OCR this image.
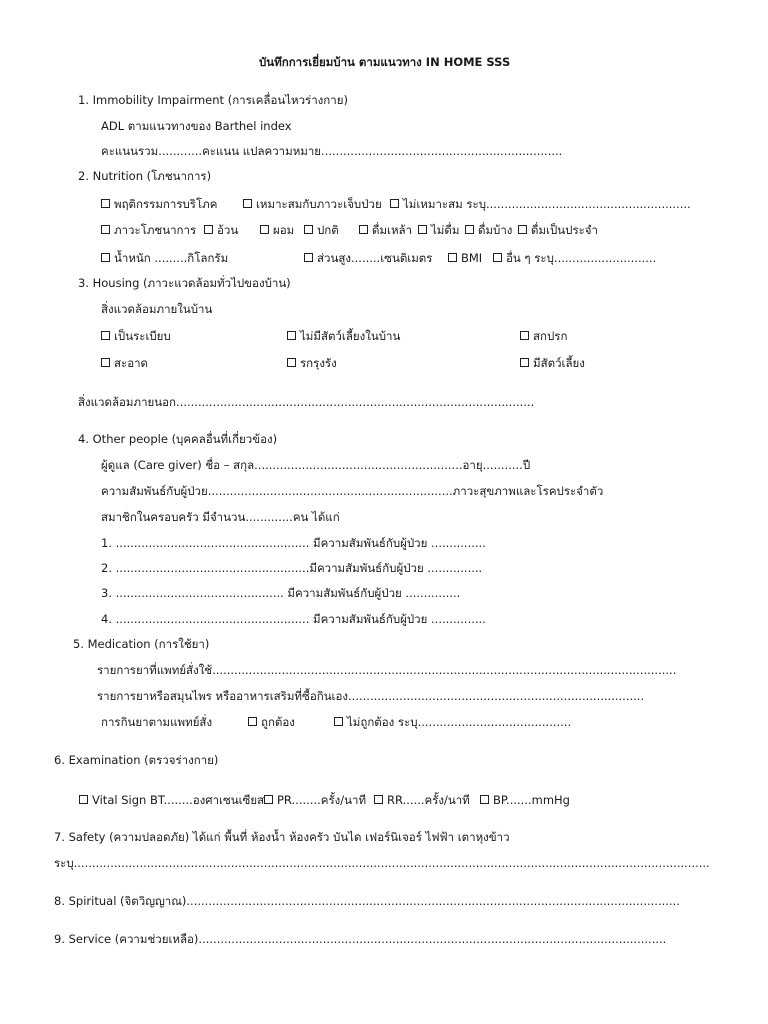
บันทึกการเยี่ยมบ้าน ตามแนวทาง IN HOME SSS
1. Immobility Impairment (การเคลื่อนไหวร่างกาย)
ADL ตามแนวทางของ Barthel index
คะแนนรวม............คะแนน แปลความหมาย..................................................................
2. Nutrition (โภชนาการ)
พฤติกรรมการบริโภค	เหมาะสมกับภาวะเจ็บป่วย	ไม่เหมาะสม ระบุ........................................................
ภาวะโภชนาการ	อ้วน	ผอม	ปกติ	ดื่มเหล้า	ไม่ดื่ม	ดื่มบ้าง	ดื่มเป็นประจำ
น้ำหนัก .........กิโลกรัม	ส่วนสูง........เซนติเมตร	BMI	อื่น ๆ ระบุ............................
3. Housing (ภาวะแวดล้อมทั่วไปของบ้าน)
สิ่งแวดล้อมภายในบ้าน
เป็นระเบียบ	ไม่มีสัตว์เลี้ยงในบ้าน	สกปรก
สะอาด	รกรุงรัง	มีสัตว์เลี้ยง
สิ่งแวดล้อมภายนอก..................................................................................................
4. Other people (บุคคลอื่นที่เกี่ยวข้อง)
ผู้ดูแล (Care giver) ชื่อ – สกุล.........................................................อายุ...........ปี
ความสัมพันธ์กับผู้ป่วย...................................................................ภาวะสุขภาพและโรคประจำตัว
สมาชิกในครอบครัว มีจำนวน.............คน ได้แก่
1. ..................................................... มีความสัมพันธ์กับผู้ป่วย ...............
2. .....................................................มีความสัมพันธ์กับผู้ป่วย ...............
3. .............................................. มีความสัมพันธ์กับผู้ป่วย ...............
4. ..................................................... มีความสัมพันธ์กับผู้ป่วย ...............
5. Medication (การใช้ยา)
รายการยาที่แพทย์สั่งใช้...............................................................................................................................
รายการยาหรือสมุนไพร หรืออาหารเสริมที่ซื้อกินเอง.................................................................................
การกินยาตามแพทย์สั่ง	ถูกต้อง	ไม่ถูกต้อง ระบุ..........................................
6. Examination (ตรวจร่างกาย)
Vital Sign BT........องศาเซนเซียส	PR........ครั้ง/นาที	RR......ครั้ง/นาที	BP.......mmHg
7. Safety (ความปลอดภัย) ได้แก่ พื้นที่ ห้องน้ำ ห้องครัว บันได เฟอร์นิเจอร์ ไฟฟ้า เตาหุงข้าว
ระบุ..............................................................................................................................................................................
8. Spiritual (จิตวิญญาณ).......................................................................................................................................
9. Service (ความช่วยเหลือ)................................................................................................................................
